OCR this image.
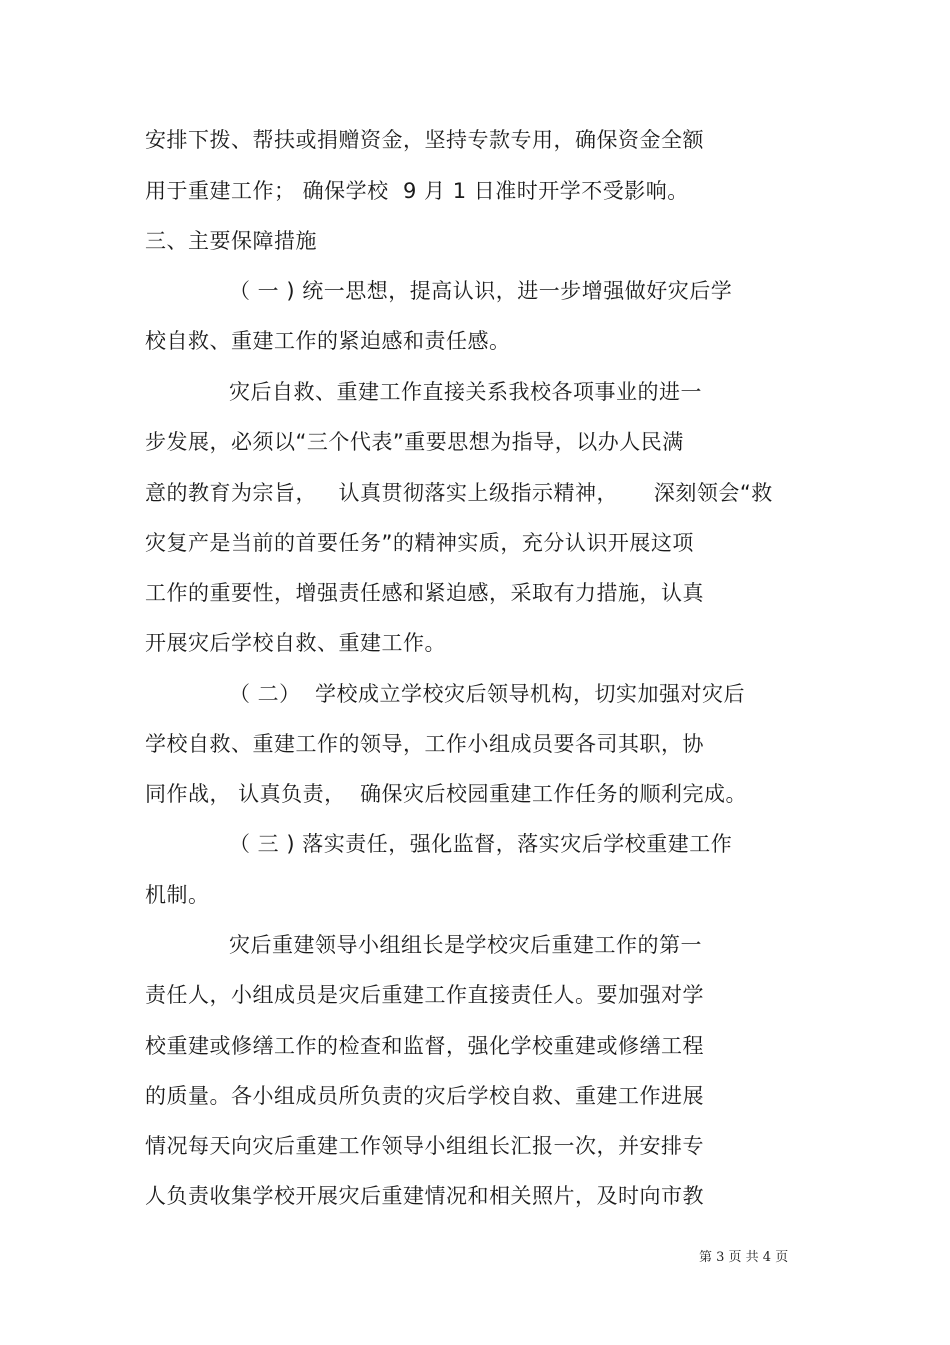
安排下拨、帮扶或捐赠资金，坚持专款专用，确保资金全额
用于重建工作； 确保学校  9 月 1 日准时开学不受影响。
三、主要保障措施
（ 一 ) 统一思想，提高认识，进一步增强做好灾后学
校自救、重建工作的紧迫感和责任感。
灾后自救、重建工作直接关系我校各项事业的进一
步发展，必须以“三个代表”重要思想为指导，以办人民满
意的教育为宗旨，   认真贯彻落实上级指示精神，     深刻领会“救
灾复产是当前的首要任务”的精神实质，充分认识开展这项
工作的重要性，增强责任感和紧迫感，采取有力措施，认真
开展灾后学校自救、重建工作。
（ 二）  学校成立学校灾后领导机构，切实加强对灾后
学校自救、重建工作的领导，工作小组成员要各司其职，协
同作战， 认真负责，  确保灾后校园重建工作任务的顺利完成。
（ 三 ) 落实责任，强化监督，落实灾后学校重建工作
机制。
灾后重建领导小组组长是学校灾后重建工作的第一
责任人，小组成员是灾后重建工作直接责任人。要加强对学
校重建或修缮工作的检查和监督，强化学校重建或修缮工程
的质量。各小组成员所负责的灾后学校自救、重建工作进展
情况每天向灾后重建工作领导小组组长汇报一次，并安排专
人负责收集学校开展灾后重建情况和相关照片，及时向市教
第 3 页 共 4 页
